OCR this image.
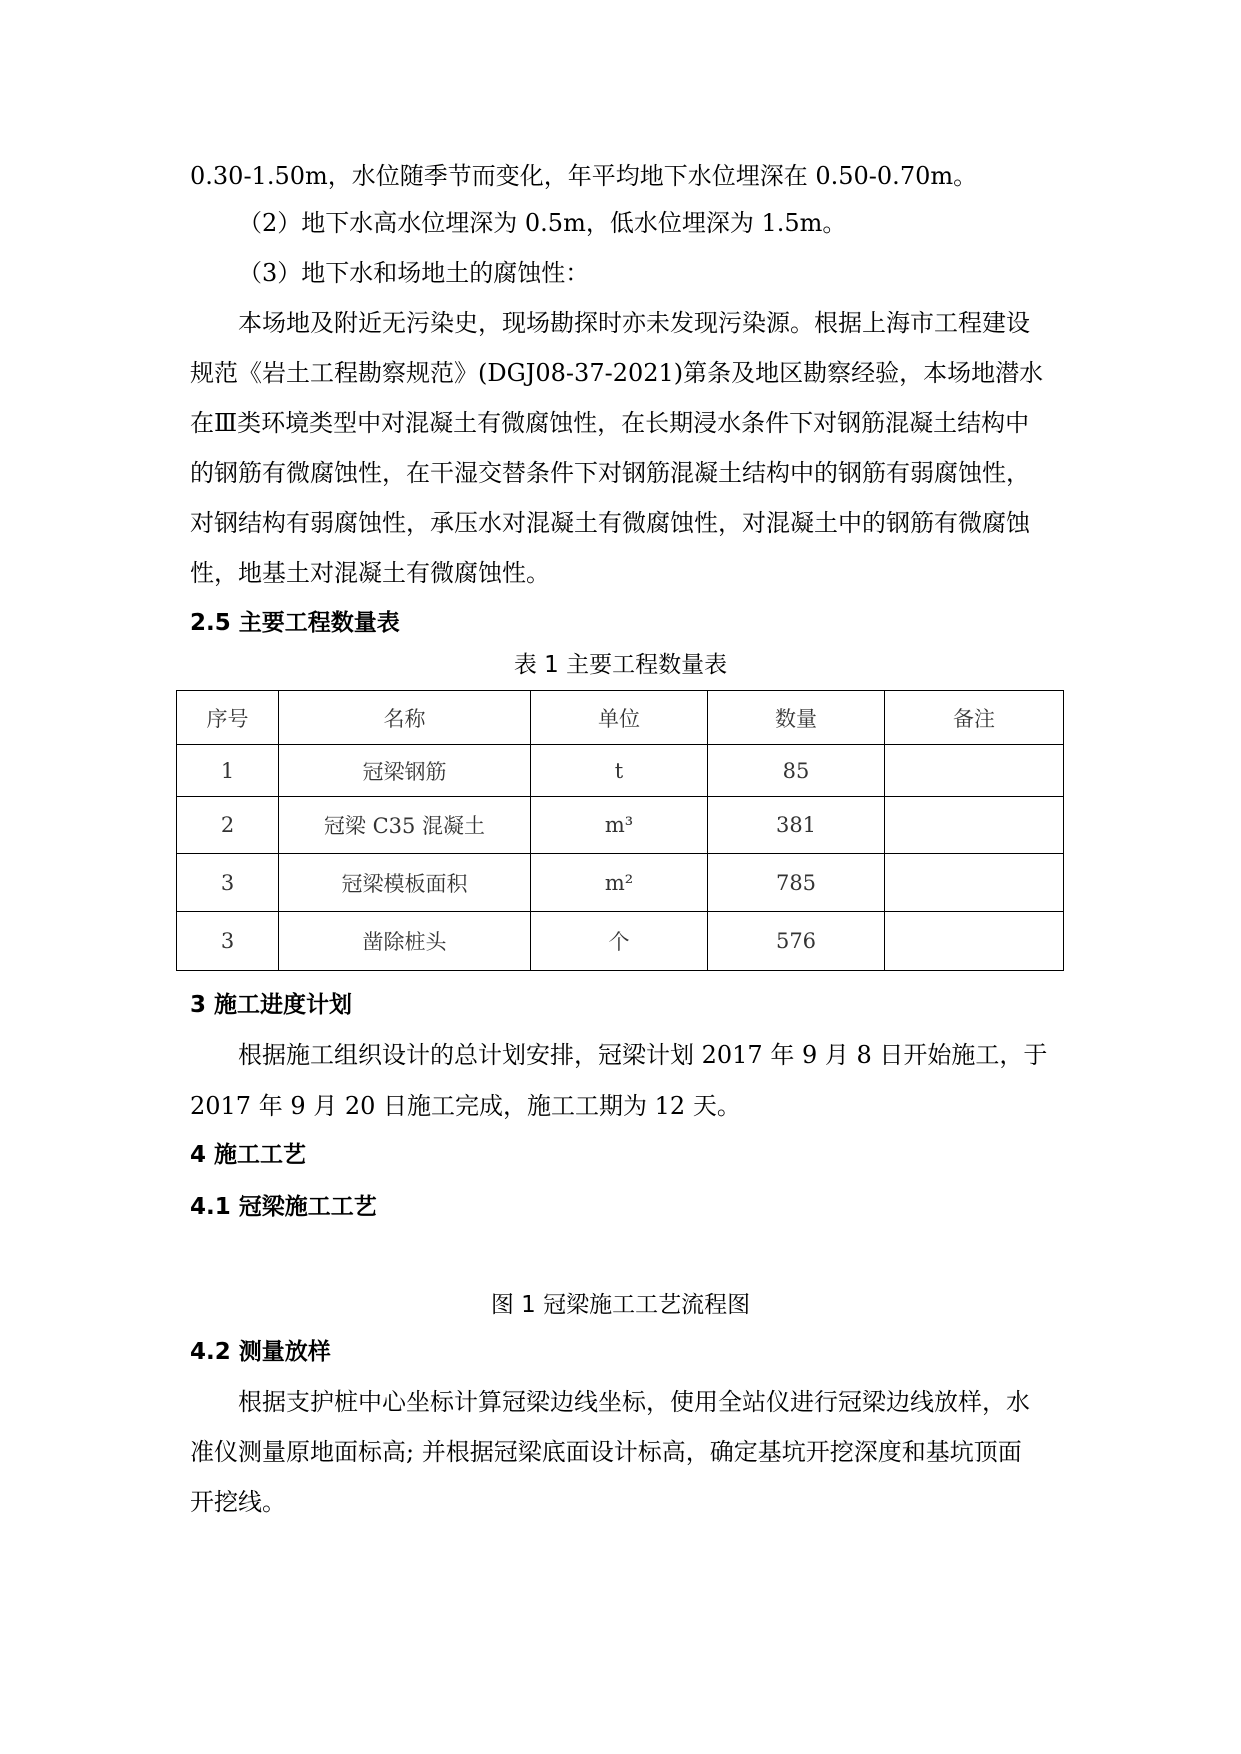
0.30-1.50m，水位随季节而变化，年平均地下水位埋深在 0.50-0.70m。
（2）地下水高水位埋深为 0.5m，低水位埋深为 1.5m。
（3）地下水和场地土的腐蚀性：
本场地及附近无污染史，现场勘探时亦未发现污染源。根据上海市工程建设
规范《岩土工程勘察规范》(DGJ08-37-2021)第条及地区勘察经验，本场地潜水
在Ⅲ类环境类型中对混凝土有微腐蚀性，在长期浸水条件下对钢筋混凝土结构中
的钢筋有微腐蚀性，在干湿交替条件下对钢筋混凝土结构中的钢筋有弱腐蚀性，
对钢结构有弱腐蚀性，承压水对混凝土有微腐蚀性，对混凝土中的钢筋有微腐蚀
性，地基土对混凝土有微腐蚀性。
2.5 主要工程数量表
表 1 主要工程数量表
序号	名称	单位	数量	备注
1	冠梁钢筋	t	85	
2	冠梁 C35 混凝土	m³	381	
3	冠梁模板面积	m²	785	
3	凿除桩头	个	576	
3 施工进度计划
根据施工组织设计的总计划安排，冠梁计划 2017 年 9 月 8 日开始施工，于
2017 年 9 月 20 日施工完成，施工工期为 12 天。
4 施工工艺
4.1 冠梁施工工艺
图 1 冠梁施工工艺流程图
4.2 测量放样
根据支护桩中心坐标计算冠梁边线坐标，使用全站仪进行冠梁边线放样，水
准仪测量原地面标高; 并根据冠梁底面设计标高，确定基坑开挖深度和基坑顶面
开挖线。
